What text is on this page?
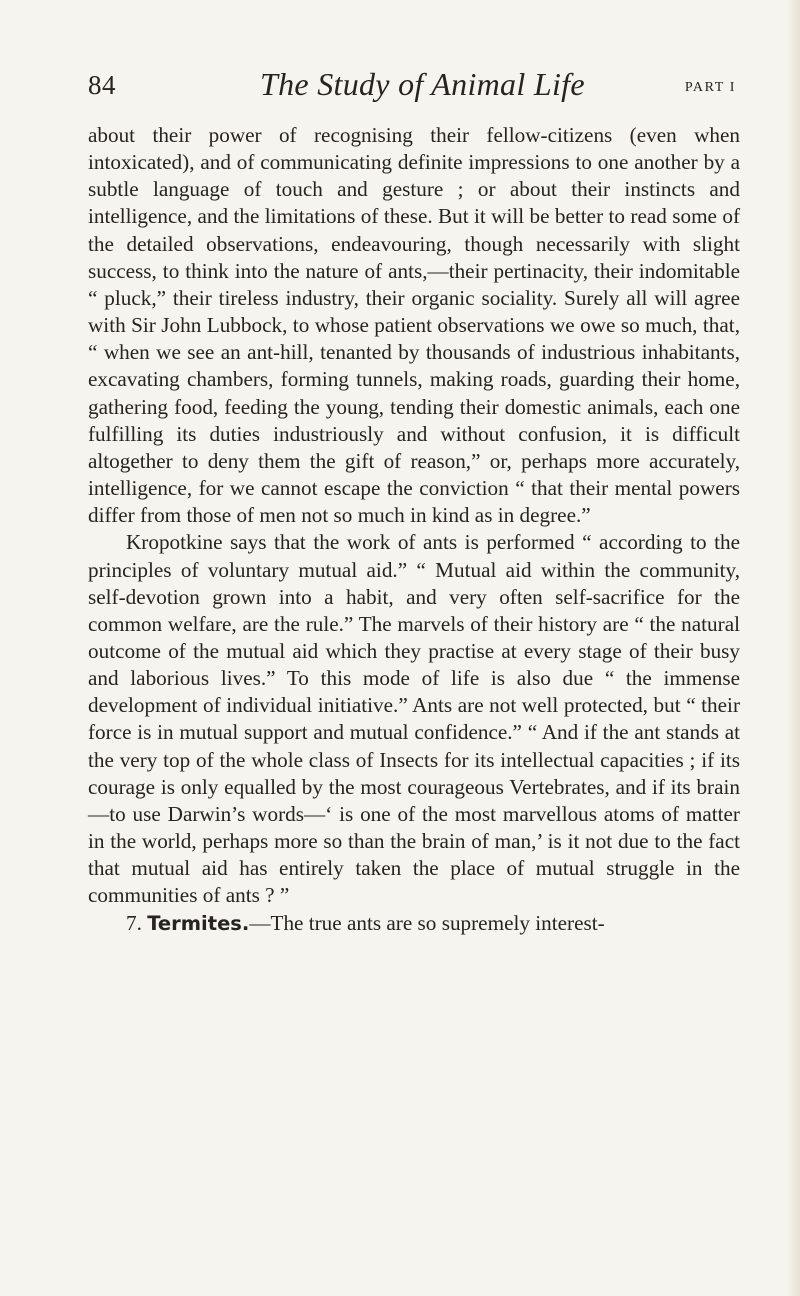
84	The Study of Animal Life	PART I

about their power of recognising their fellow-citizens (even when intoxicated), and of communicating definite impressions to one another by a subtle language of touch and gesture ; or about their instincts and intelligence, and the limitations of these. But it will be better to read some of the detailed observations, endeavouring, though necessarily with slight success, to think into the nature of ants,—their pertinacity, their indomitable “ pluck,” their tireless industry, their organic sociality. Surely all will agree with Sir John Lubbock, to whose patient observations we owe so much, that, “ when we see an ant-hill, tenanted by thousands of industrious inhabitants, excavating chambers, forming tunnels, making roads, guarding their home, gathering food, feeding the young, tending their domestic animals, each one fulfilling its duties industriously and without confusion, it is difficult altogether to deny them the gift of reason,” or, perhaps more accurately, intelligence, for we cannot escape the conviction “ that their mental powers differ from those of men not so much in kind as in degree.”

Kropotkine says that the work of ants is performed “ according to the principles of voluntary mutual aid.” “ Mutual aid within the community, self-devotion grown into a habit, and very often self-sacrifice for the common welfare, are the rule.” The marvels of their history are “ the natural outcome of the mutual aid which they practise at every stage of their busy and laborious lives.” To this mode of life is also due “ the immense development of individual initiative.” Ants are not well protected, but “ their force is in mutual support and mutual confidence.” “ And if the ant stands at the very top of the whole class of Insects for its intellectual capacities ; if its courage is only equalled by the most courageous Vertebrates, and if its brain—to use Darwin’s words—‘ is one of the most marvellous atoms of matter in the world, perhaps more so than the brain of man,’ is it not due to the fact that mutual aid has entirely taken the place of mutual struggle in the communities of ants ? ”

7. Termites.—The true ants are so supremely interest-
